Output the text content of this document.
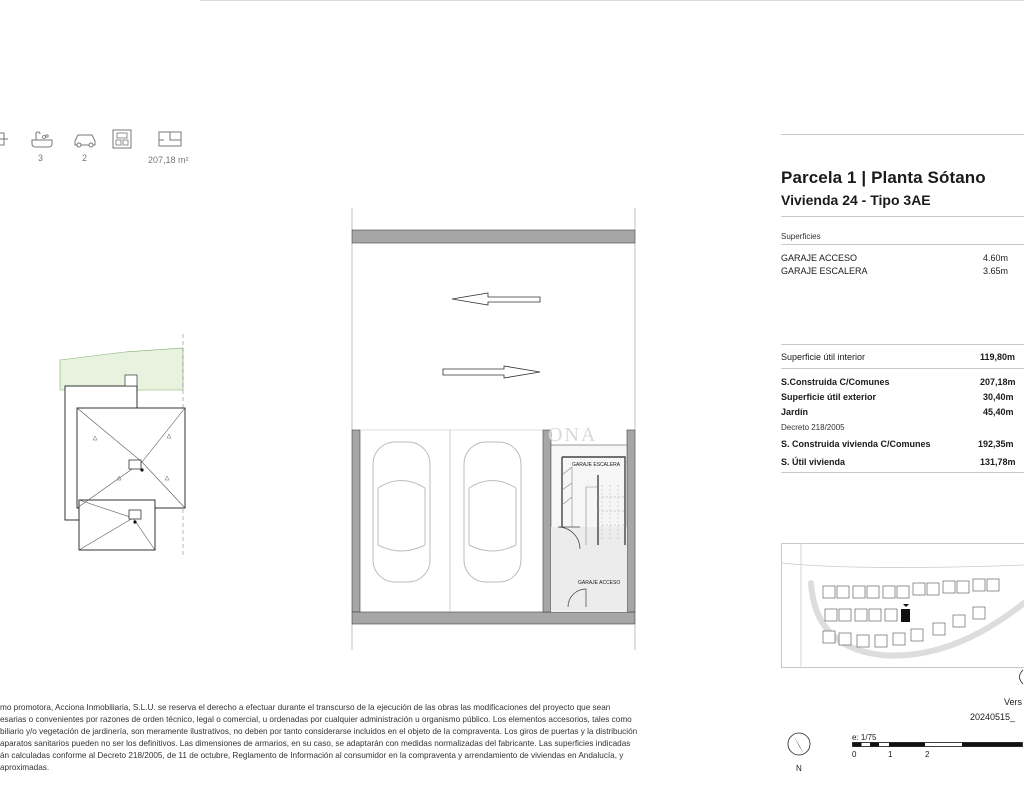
3	2	207,18 m²
GARAJE ESCALERA
GARAJE ACCESO
ONA
Parcela 1 | Planta Sótano
Vivienda 24 - Tipo 3AE
Superficies
GARAJE ACCESO	4.60m
GARAJE ESCALERA	3.65m
Superficie útil interior	119,80m
S.Construida C/Comunes	207,18m
Superficie útil exterior	30,40m
Jardín	45,40m
Decreto 218/2005
S. Construida vivienda C/Comunes	192,35m
S. Útil vivienda	131,78m
Vers
20240515_
e: 1/75
0	1	2
N
mo promotora, Acciona Inmobiliaria, S.L.U. se reserva el derecho a efectuar durante el transcurso de la ejecución de las obras las modificaciones del proyecto que sean
esarias o convenientes por razones de orden técnico, legal o comercial, u ordenadas por cualquier administración u organismo público. Los elementos accesorios, tales como
biliario y/o vegetación de jardinería, son meramente ilustrativos, no deben por tanto considerarse incluidos en el objeto de la compraventa. Los giros de puertas y la distribución
aparatos sanitarios pueden no ser los definitivos. Las dimensiones de armarios, en su caso, se adaptarán con medidas normalizadas del fabricante. Las superficies indicadas
án calculadas conforme al Decreto 218/2005, de 11 de octubre, Reglamento de Información al consumidor en la compraventa y arrendamiento de viviendas en Andalucía, y
aproximadas.
